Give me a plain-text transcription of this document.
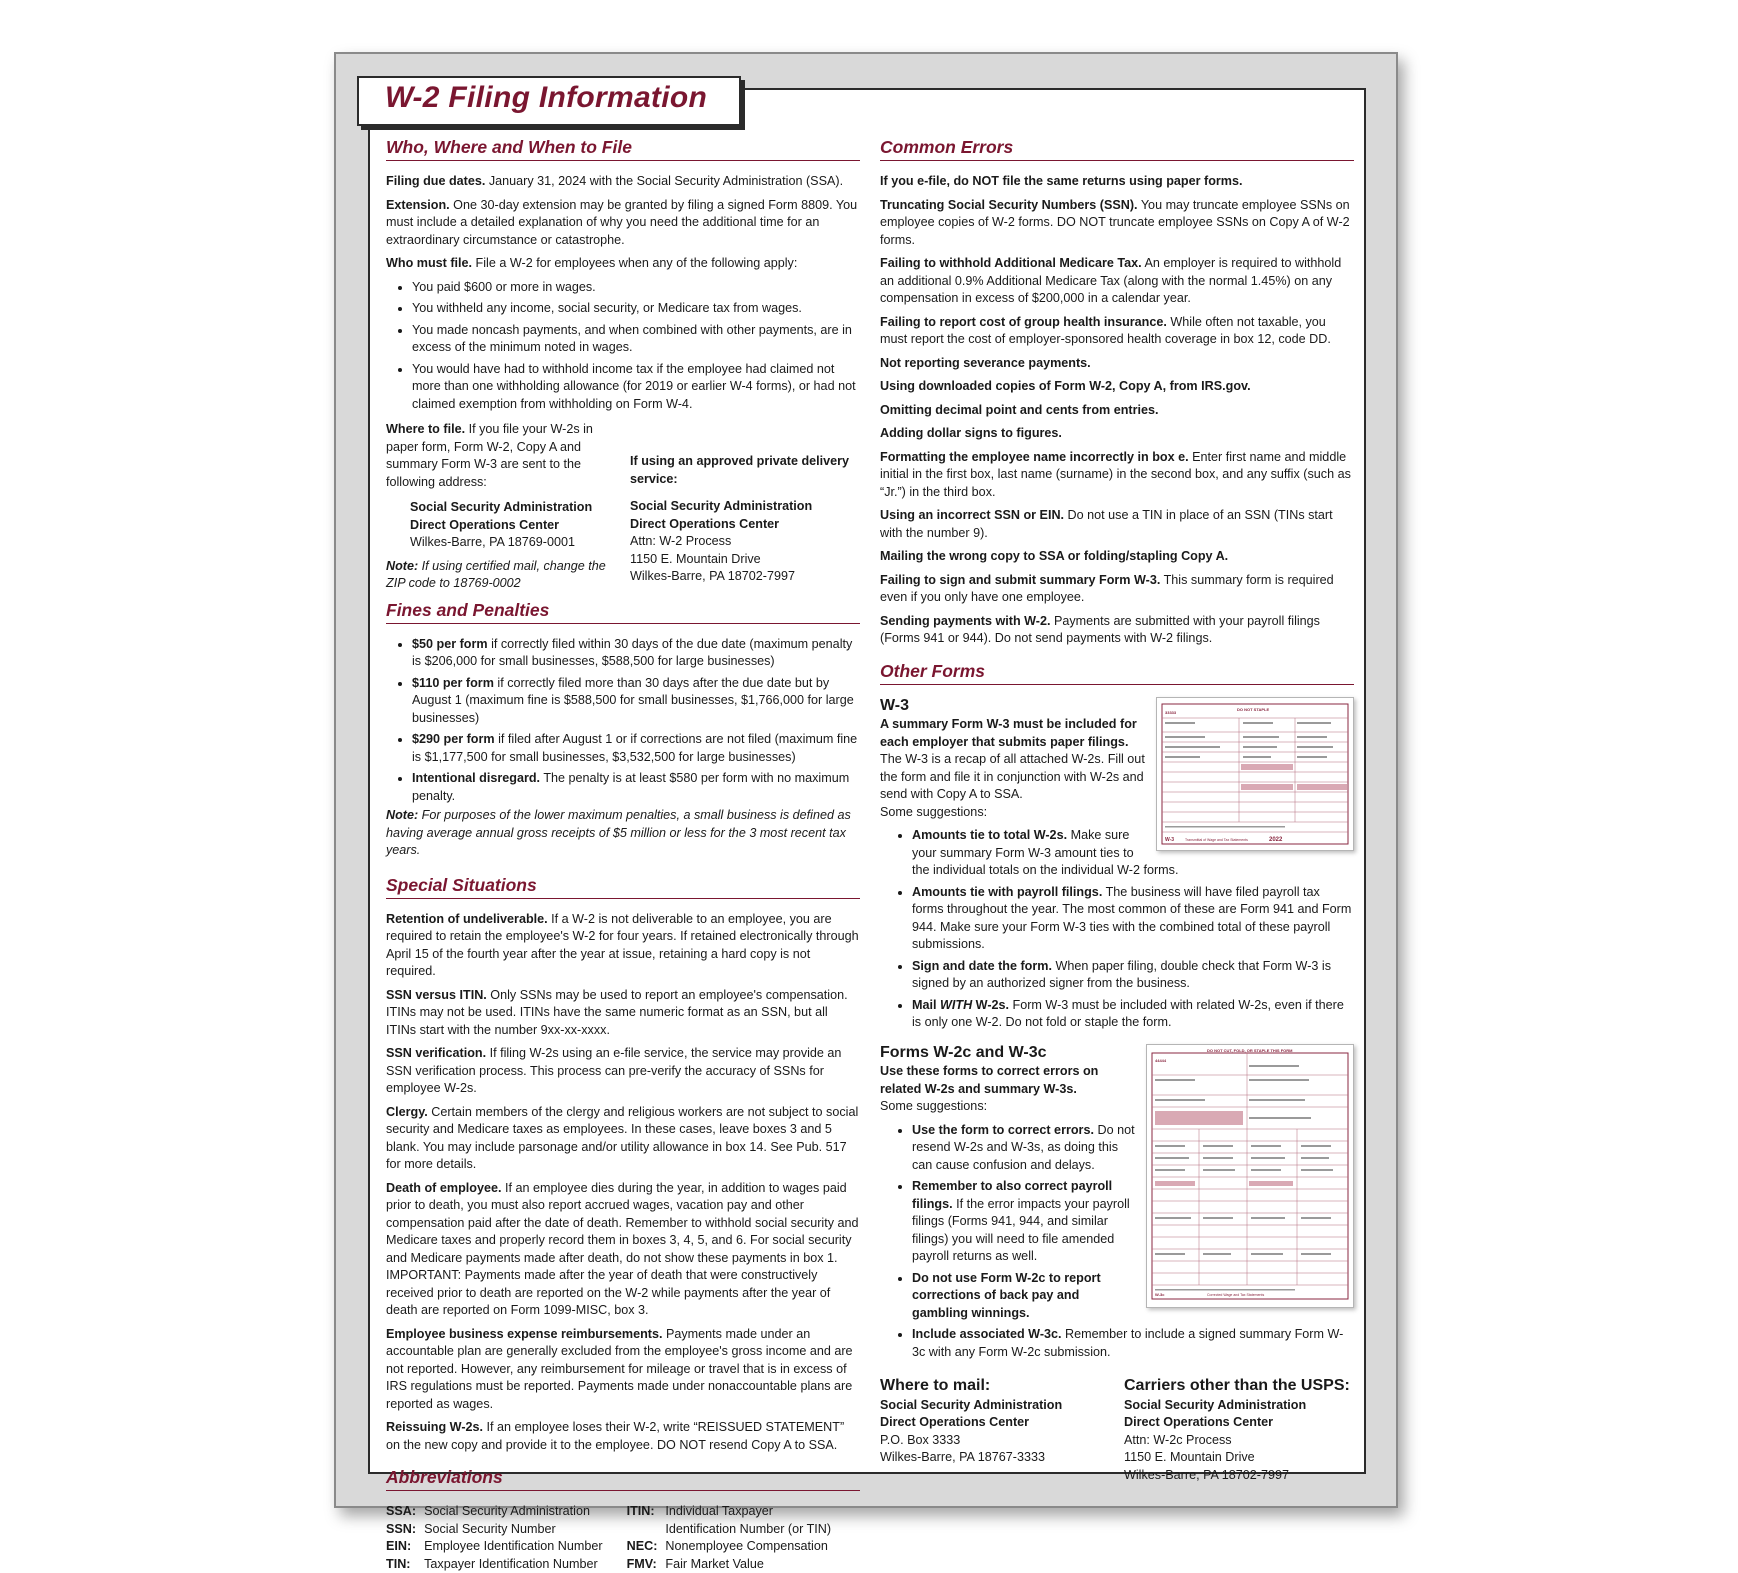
W-2 Filing Information
Who, Where and When to File

Filing due dates. January 31, 2024 with the Social Security Administration (SSA).

Extension. One 30-day extension may be granted by filing a signed Form 8809. You must include a detailed explanation of why you need the additional time for an extraordinary circumstance or catastrophe.

Who must file. File a W-2 for employees when any of the following apply:

• You paid $600 or more in wages.
• You withheld any income, social security, or Medicare tax from wages.
• You made noncash payments, and when combined with other payments, are in excess of the minimum noted in wages.
• You would have had to withhold income tax if the employee had claimed not more than one withholding allowance (for 2019 or earlier W-4 forms), or had not claimed exemption from withholding on Form W-4.

Where to file. If you file your W-2s in paper form, Form W-2, Copy A and summary Form W-3 are sent to the following address:

Social Security Administration
Direct Operations Center
Wilkes-Barre, PA 18769-0001

Note: If using certified mail, change the ZIP code to 18769-0002

If using an approved private delivery service:

Social Security Administration
Direct Operations Center
Attn: W-2 Process
1150 E. Mountain Drive
Wilkes-Barre, PA 18702-7997
Fines and Penalties
• $50 per form if correctly filed within 30 days of the due date (maximum penalty is $206,000 for small businesses, $588,500 for large businesses)
• $110 per form if correctly filed more than 30 days after the due date but by August 1 (maximum fine is $588,500 for small businesses, $1,766,000 for large businesses)
• $290 per form if filed after August 1 or if corrections are not filed (maximum fine is $1,177,500 for small businesses, $3,532,500 for large businesses)
• Intentional disregard. The penalty is at least $580 per form with no maximum penalty.

Note: For purposes of the lower maximum penalties, a small business is defined as having average annual gross receipts of $5 million or less for the 3 most recent tax years.

Special Situations

Retention of undeliverable. If a W-2 is not deliverable to an employee, you are required to retain the employee's W-2 for four years. If retained electronically through April 15 of the fourth year after the year at issue, retaining a hard copy is not required.

SSN versus ITIN. Only SSNs may be used to report an employee's compensation. ITINs may not be used. ITINs have the same numeric format as an SSN, but all ITINs start with the number 9xx-xx-xxxx.

SSN verification. If filing W-2s using an e-file service, the service may provide an SSN verification process. This process can pre-verify the accuracy of SSNs for employee W-2s.

Clergy. Certain members of the clergy and religious workers are not subject to social security and Medicare taxes as employees. In these cases, leave boxes 3 and 5 blank. You may include parsonage and/or utility allowance in box 14. See Pub. 517 for more details.

Death of employee. If an employee dies during the year, in addition to wages paid prior to death, you must also report accrued wages, vacation pay and other compensation paid after the date of death. Remember to withhold social security and Medicare taxes and properly record them in boxes 3, 4, 5, and 6. For social security and Medicare payments made after death, do not show these payments in box 1. IMPORTANT: Payments made after the year of death that were constructively received prior to death are reported on the W-2 while payments after the year of death are reported on Form 1099-MISC, box 3.

Employee business expense reimbursements. Payments made under an accountable plan are generally excluded from the employee's gross income and are not reported. However, any reimbursement for mileage or travel that is in excess of IRS regulations must be reported. Payments made under nonaccountable plans are reported as wages.

Reissuing W-2s. If an employee loses their W-2, write “REISSUED STATEMENT” on the new copy and provide it to the employee. DO NOT resend Copy A to SSA.

Abbreviations
SSA:	Social Security Administration
SSN:	Social Security Number
EIN:	Employee Identification Number
TIN:	Taxpayer Identification Number
ITIN:	Individual Taxpayer Identification Number (or TIN)
NEC:	Nonemployee Compensation
FMV:	Fair Market Value
Common Errors

If you e-file, do NOT file the same returns using paper forms.

Truncating Social Security Numbers (SSN). You may truncate employee SSNs on employee copies of W-2 forms. DO NOT truncate employee SSNs on Copy A of W-2 forms.

Failing to withhold Additional Medicare Tax. An employer is required to withhold an additional 0.9% Additional Medicare Tax (along with the normal 1.45%) on any compensation in excess of $200,000 in a calendar year.

Failing to report cost of group health insurance. While often not taxable, you must report the cost of employer-sponsored health coverage in box 12, code DD.

Not reporting severance payments.

Using downloaded copies of Form W-2, Copy A, from IRS.gov.

Omitting decimal point and cents from entries.

Adding dollar signs to figures.

Formatting the employee name incorrectly in box e. Enter first name and middle initial in the first box, last name (surname) in the second box, and any suffix (such as “Jr.”) in the third box.

Using an incorrect SSN or EIN. Do not use a TIN in place of an SSN (TINs start with the number 9).

Mailing the wrong copy to SSA or folding/stapling Copy A.

Failing to sign and submit summary Form W-3. This summary form is required even if you only have one employee.

Sending payments with W-2. Payments are submitted with your payroll filings (Forms 941 or 944). Do not send payments with W-2 filings.

Other Forms
DO NOT STAPLE
33333
W-3	Transmittal of Wage and Tax Statements	2022
W-3

A summary Form W-3 must be included for each employer that submits paper filings. The W-3 is a recap of all attached W-2s. Fill out the form and file it in conjunction with W-2s and send with Copy A to SSA.
Some suggestions:

• Amounts tie to total W-2s. Make sure your summary Form W-3 amount ties to the individual totals on the individual W-2 forms.
• Amounts tie with payroll filings. The business will have filed payroll tax forms throughout the year. The most common of these are Form 941 and Form 944. Make sure your Form W-3 ties with the combined total of these payroll submissions.
• Sign and date the form. When paper filing, double check that Form W-3 is signed by an authorized signer from the business.
• Mail WITH W-2s. Form W-3 must be included with related W-2s, even if there is only one W-2. Do not fold or staple the form.
DO NOT CUT, FOLD, OR STAPLE THIS FORM
44444
W-3c	Corrected Wage and Tax Statements
Forms W-2c and W-3c

Use these forms to correct errors on related W-2s and summary W-3s.
Some suggestions:

• Use the form to correct errors. Do not resend W-2s and W-3s, as doing this can cause confusion and delays.
• Remember to also correct payroll filings. If the error impacts your payroll filings (Forms 941, 944, and similar filings) you will need to file amended payroll returns as well.
• Do not use Form W-2c to report corrections of back pay and gambling winnings.
• Include associated W-3c. Remember to include a signed summary Form W-3c with any Form W-2c submission.
Where to mail:
Social Security Administration
Direct Operations Center
P.O. Box 3333
Wilkes-Barre, PA 18767-3333
Carriers other than the USPS:
Social Security Administration
Direct Operations Center
Attn: W-2c Process
1150 E. Mountain Drive
Wilkes-Barre, PA 18702-7997
